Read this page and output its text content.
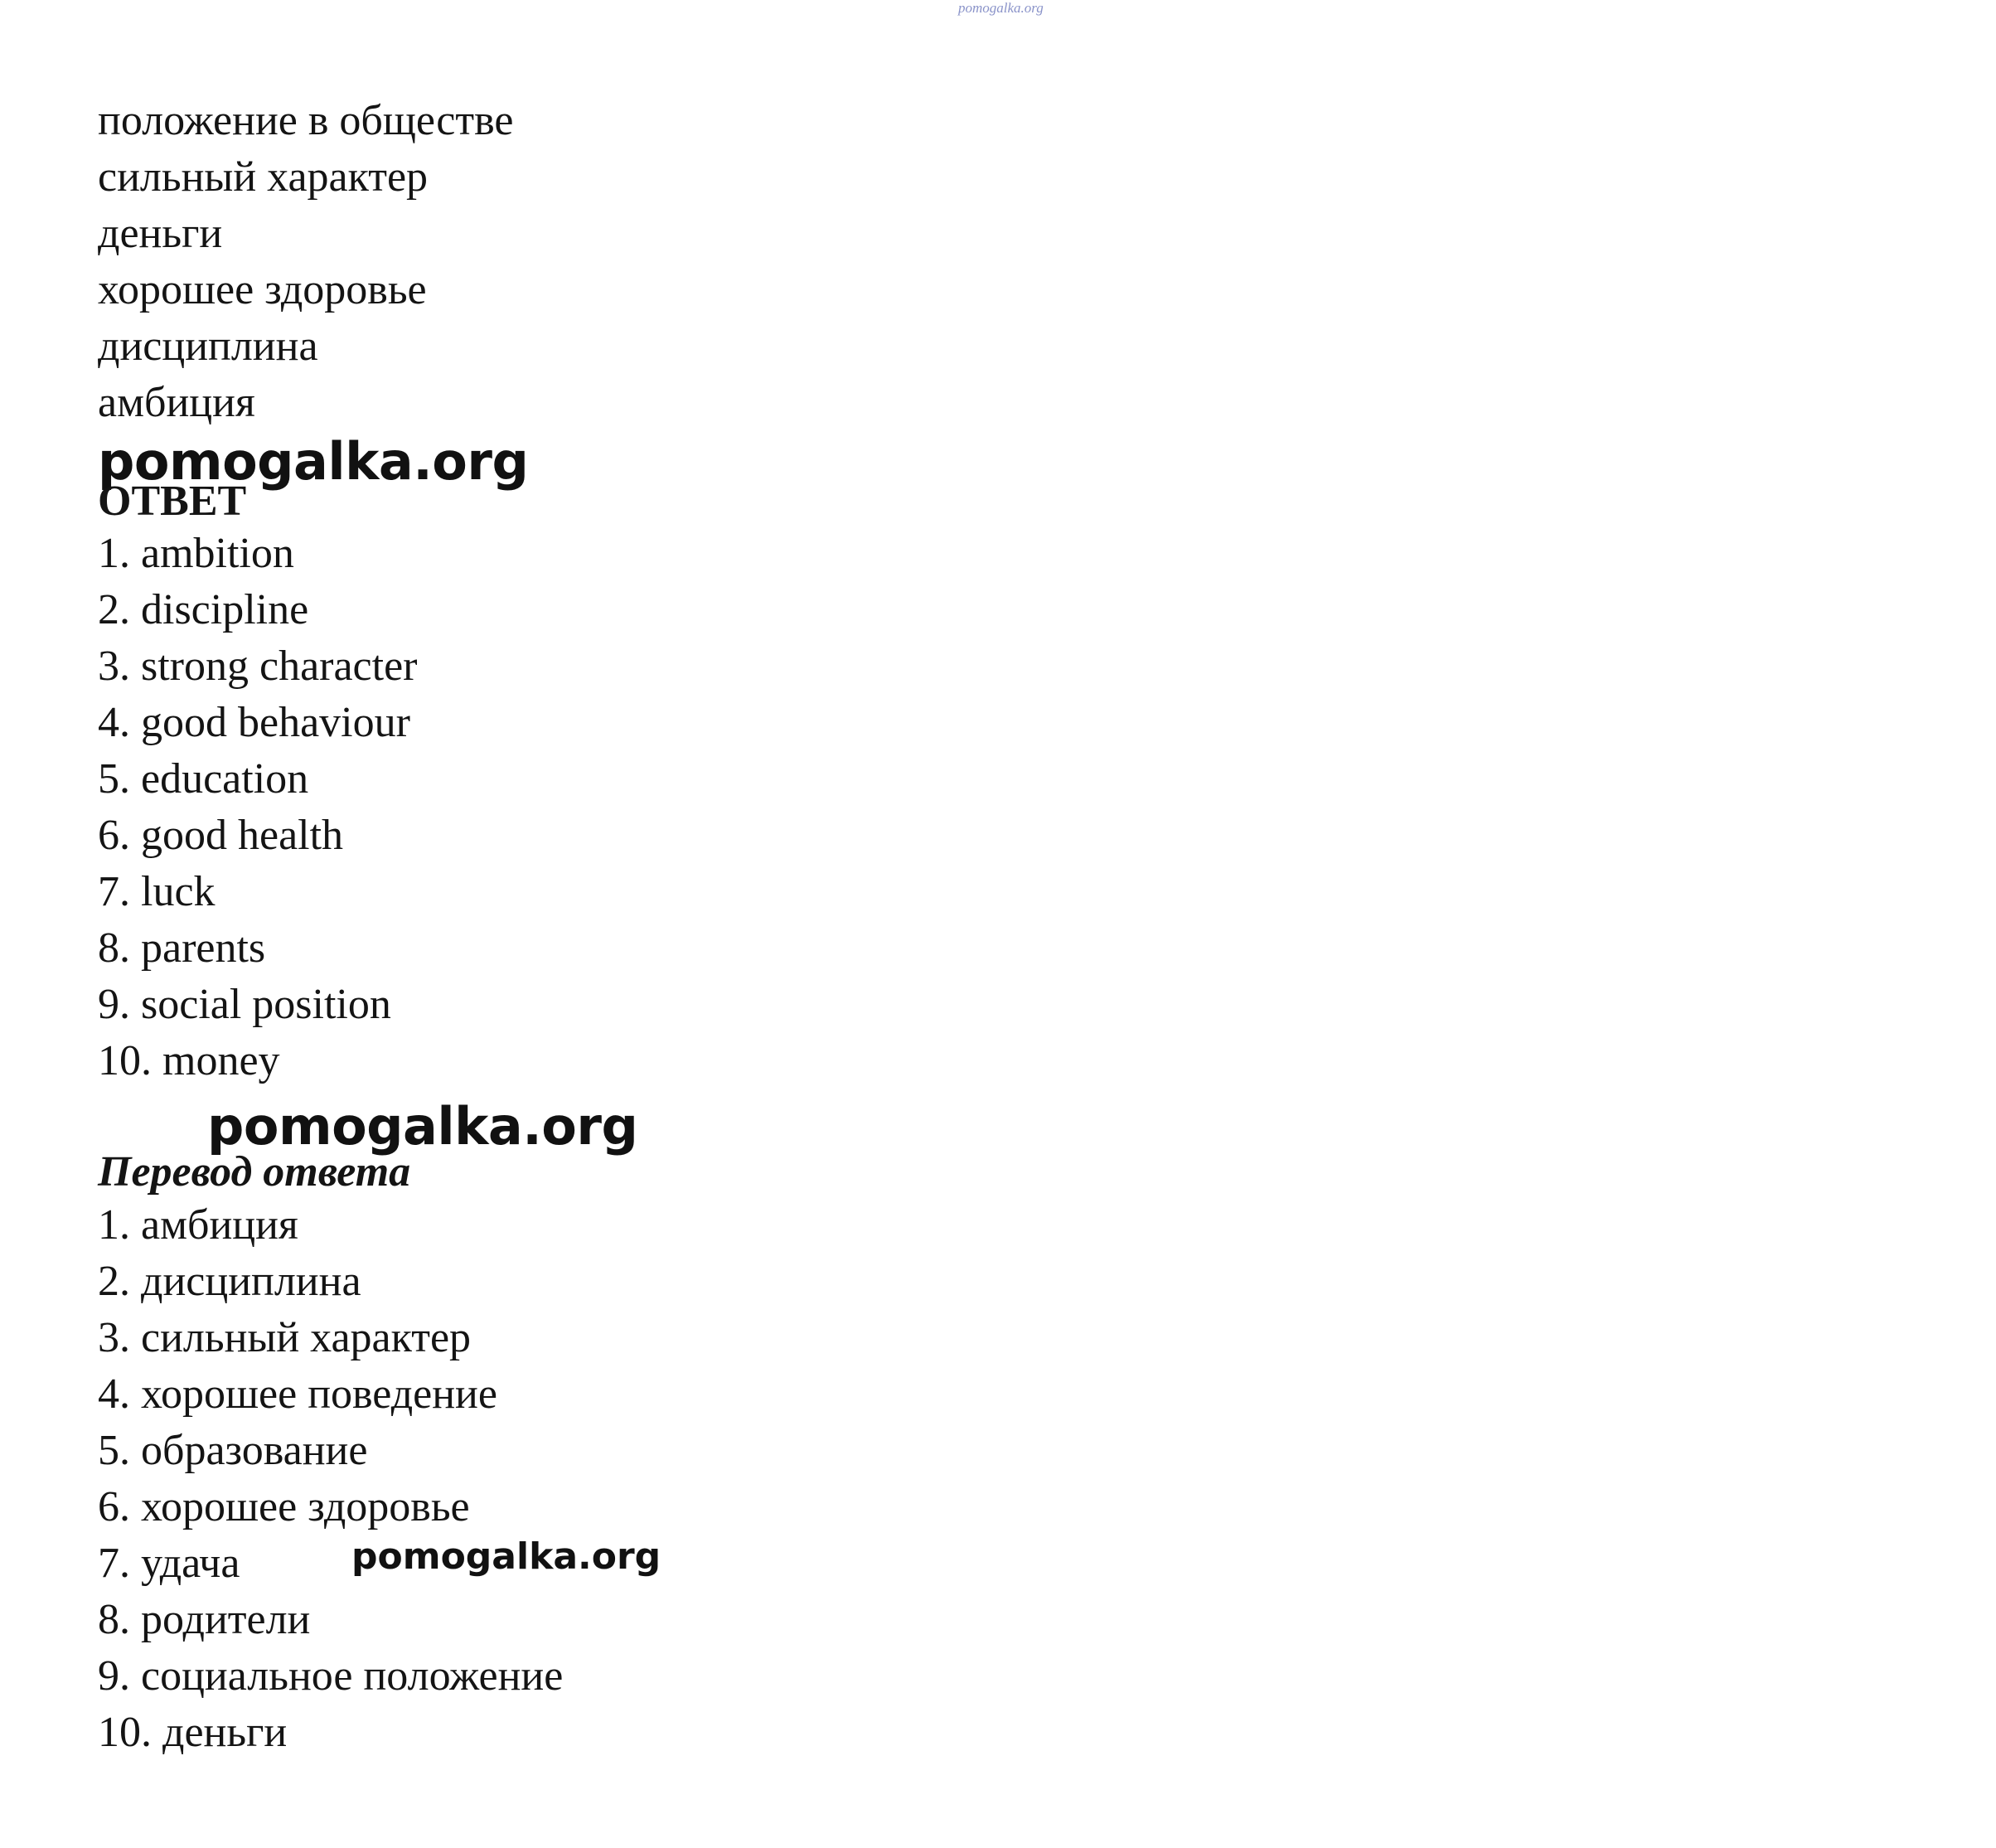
pomogalka.org
положение в обществе
сильный характер
деньги
хорошее здоровье
дисциплина
амбиция
pomogalka.org
ОТВЕТ
1. ambition
2. discipline
3. strong character
4. good behaviour
5. education
6. good health
7. luck
8. parents
9. social position
10. money
pomogalka.org
Перевод ответа
1. амбиция
2. дисциплина
3. сильный характер
4. хорошее поведение
5. образование
6. хорошее здоровье
7. удача	pomogalka.org
8. родители
9. социальное положение
10. деньги
